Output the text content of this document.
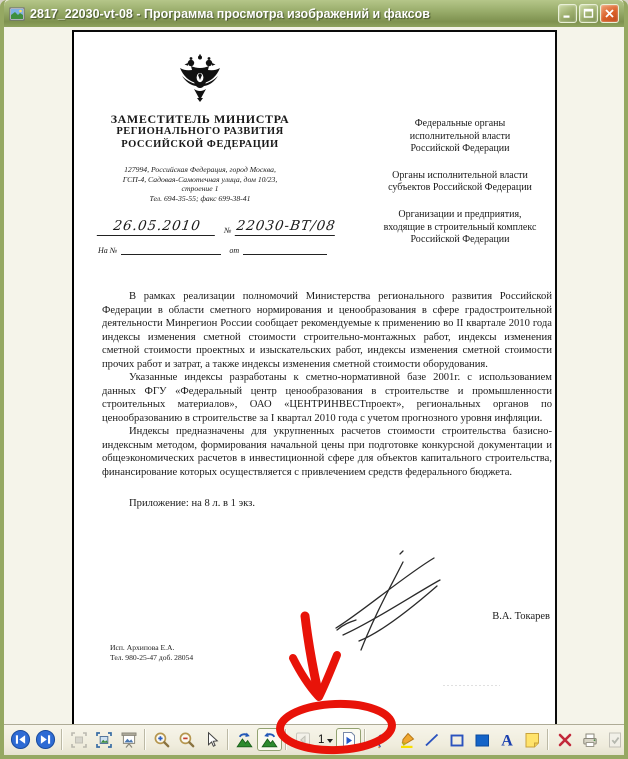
2817_22030-vt-08 - Программа просмотра изображений и факсов
ЗАМЕСТИТЕЛЬ МИНИСТРА
РЕГИОНАЛЬНОГО РАЗВИТИЯ
РОССИЙСКОЙ ФЕДЕРАЦИИ
127994, Российская Федерация, город Москва,
ГСП-4, Садовая-Самотечная улица, дом 10/23,
строение 1
Тел. 694-35-55; факс 699-38-41
26.05.2010	№ 22030-ВТ/08
На №	от
Федеральные органы
исполнительной власти
Российской Федерации
Органы исполнительной власти
субъектов Российской Федерации
Организации и предприятия,
входящие в строительный комплекс
Российской Федерации

В рамках реализации полномочий Министерства регионального развития Российской Федерации в области сметного нормирования и ценообразования в сфере градостроительной деятельности Минрегион России сообщает рекомендуемые к применению во II квартале 2010 года индексы изменения сметной стоимости строительно-монтажных работ, индексы изменения сметной стоимости проектных и изыскательских работ, индексы изменения сметной стоимости прочих работ и затрат, а также индексы изменения сметной стоимости оборудования.

Указанные индексы разработаны к сметно-нормативной базе 2001г. с использованием данных ФГУ «Федеральный центр ценообразования в строительстве и промышленности строительных материалов», ОАО «ЦЕНТРИНВЕСТпроект», региональных органов по ценообразованию в строительстве за I квартал 2010 года с учетом прогнозного уровня инфляции.

Индексы предназначены для укрупненных расчетов стоимости строительства базисно-индексным методом, формирования начальной цены при подготовке конкурсной документации и общеэкономических расчетов в инвестиционной сфере для объектов капитального строительства, финансирование которых осуществляется с привлечением средств федерального бюджета.

Приложение: на 8 л. в 1 экз.

В.А. Токарев
Исп. Архипова Е.А.
Тел. 980-25-47 доб. 28054
1	A
